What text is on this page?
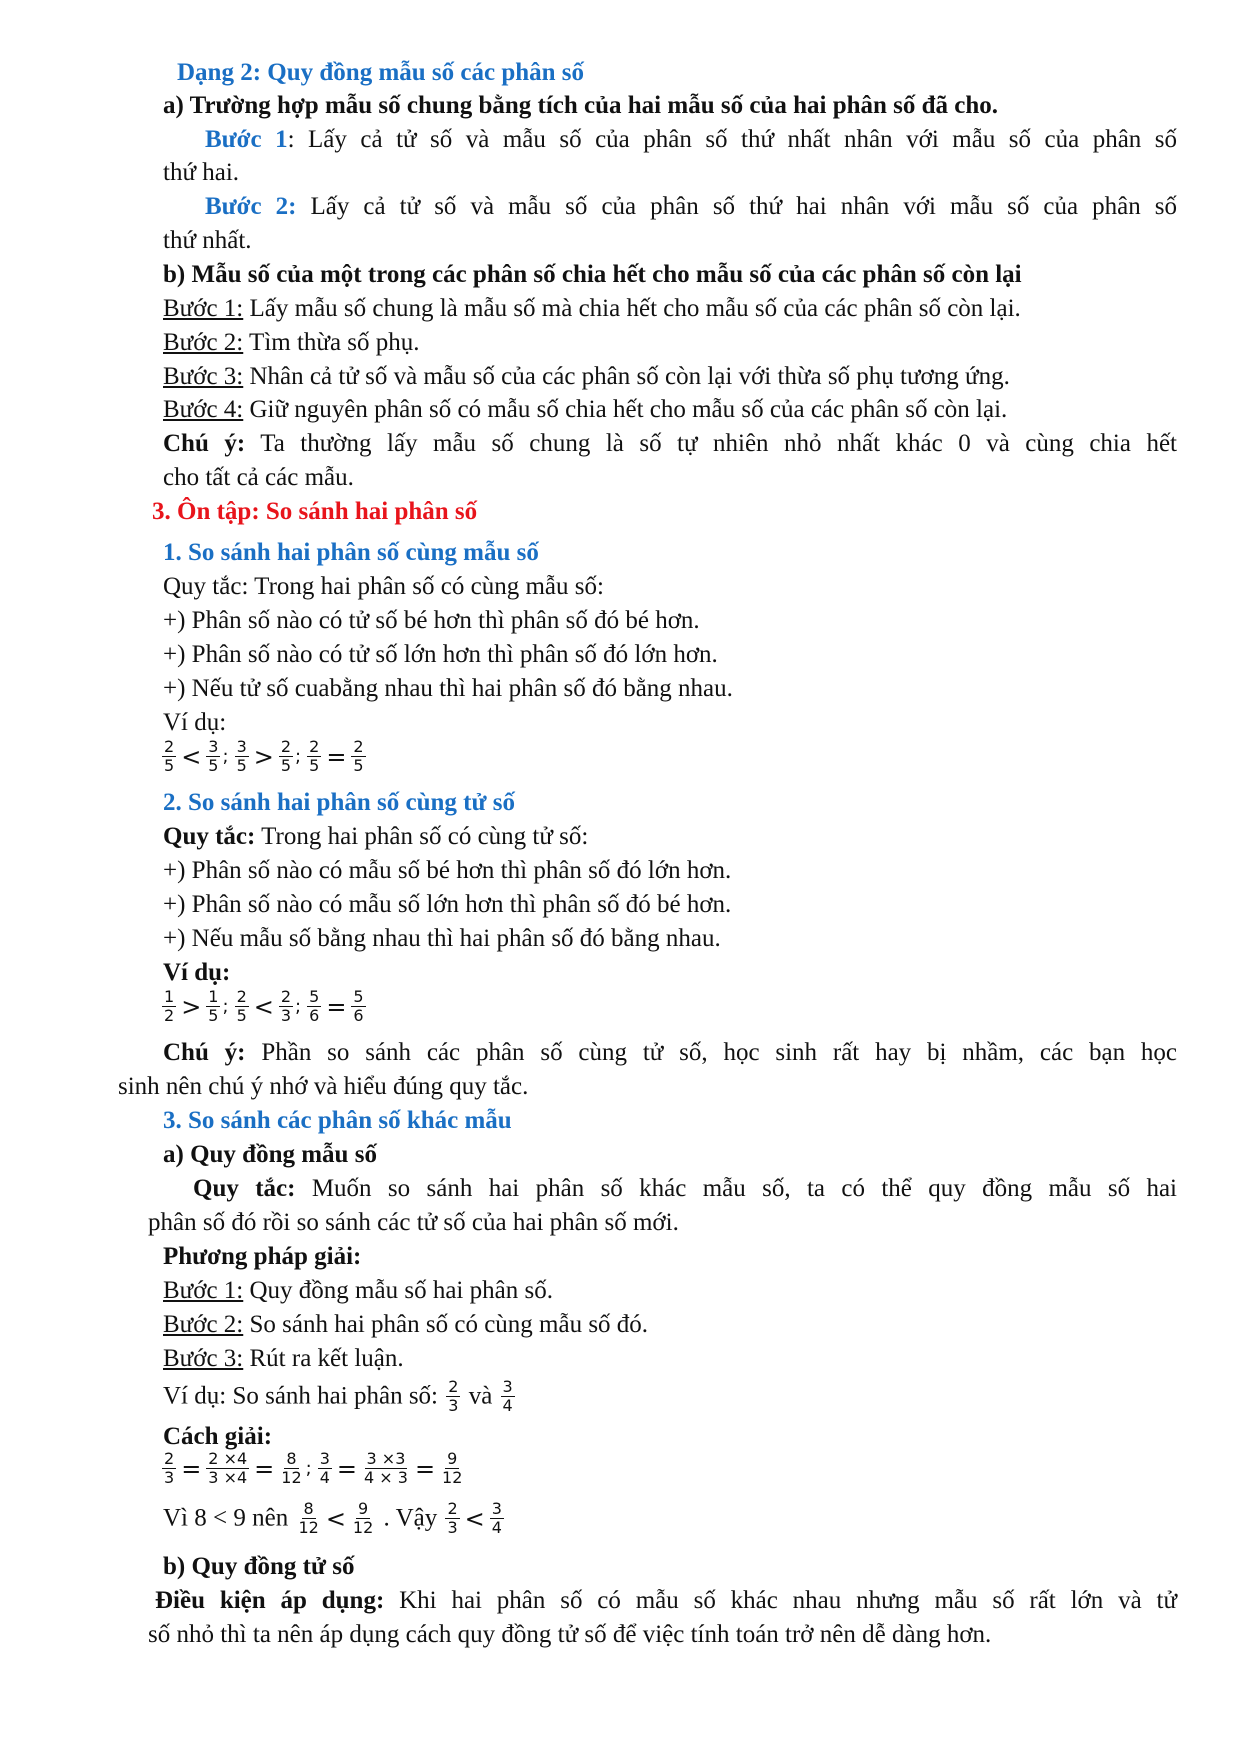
Dạng 2: Quy đồng mẫu số các phân số
a) Trường hợp mẫu số chung bằng tích của hai mẫu số của hai phân số đã cho.
Bước 1: Lấy cả tử số và mẫu số của phân số thứ nhất nhân với mẫu số của phân số
thứ hai.
Bước 2: Lấy cả tử số và mẫu số của phân số thứ hai nhân với mẫu số của phân số
thứ nhất.
b) Mẫu số của một trong các phân số chia hết cho mẫu số của các phân số còn lại
Bước 1: Lấy mẫu số chung là mẫu số mà chia hết cho mẫu số của các phân số còn lại.
Bước 2: Tìm thừa số phụ.
Bước 3: Nhân cả tử số và mẫu số của các phân số còn lại với thừa số phụ tương ứng.
Bước 4: Giữ nguyên phân số có mẫu số chia hết cho mẫu số của các phân số còn lại.
Chú ý: Ta thường lấy mẫu số chung là số tự nhiên nhỏ nhất khác 0 và cùng chia hết
cho tất cả các mẫu.
3. Ôn tập: So sánh hai phân số
1. So sánh hai phân số cùng mẫu số
Quy tắc: Trong hai phân số có cùng mẫu số:
+) Phân số nào có tử số bé hơn thì phân số đó bé hơn.
+) Phân số nào có tử số lớn hơn thì phân số đó lớn hơn.
+) Nếu tử số cuabằng nhau thì hai phân số đó bằng nhau.
Ví dụ:
$\frac{2}{5} < \frac{3}{5}$ ; $\frac{3}{5} > \frac{2}{5}$ ; $\frac{2}{5} = \frac{2}{5}$
2. So sánh hai phân số cùng tử số
Quy tắc: Trong hai phân số có cùng tử số:
+) Phân số nào có mẫu số bé hơn thì phân số đó lớn hơn.
+) Phân số nào có mẫu số lớn hơn thì phân số đó bé hơn.
+) Nếu mẫu số bằng nhau thì hai phân số đó bằng nhau.
Ví dụ:
$\frac{1}{2} > \frac{1}{5}$ ; $\frac{2}{5} < \frac{2}{3}$ ; $\frac{5}{6} = \frac{5}{6}$
Chú ý: Phần so sánh các phân số cùng tử số, học sinh rất hay bị nhầm, các bạn học
sinh nên chú ý nhớ và hiểu đúng quy tắc.
3. So sánh các phân số khác mẫu
a) Quy đồng mẫu số
Quy tắc: Muốn so sánh hai phân số khác mẫu số, ta có thể quy đồng mẫu số hai
phân số đó rồi so sánh các tử số của hai phân số mới.
Phương pháp giải:
Bước 1: Quy đồng mẫu số hai phân số.
Bước 2: So sánh hai phân số có cùng mẫu số đó.
Bước 3: Rút ra kết luận.
Ví dụ: So sánh hai phân số: $\frac{2}{3}$ và $\frac{3}{4}$
Cách giải:
$\frac{2}{3} = \frac{2 \times 4}{3 \times 4} = \frac{8}{12}$ ; $\frac{3}{4} = \frac{3 \times 3}{4 \times 3} = \frac{9}{12}$
Vì 8 < 9 nên $\frac{8}{12} < \frac{9}{12}$ . Vậy $\frac{2}{3} < \frac{3}{4}$
b) Quy đồng tử số
Điều kiện áp dụng: Khi hai phân số có mẫu số khác nhau nhưng mẫu số rất lớn và tử
số nhỏ thì ta nên áp dụng cách quy đồng tử số để việc tính toán trở nên dễ dàng hơn.
